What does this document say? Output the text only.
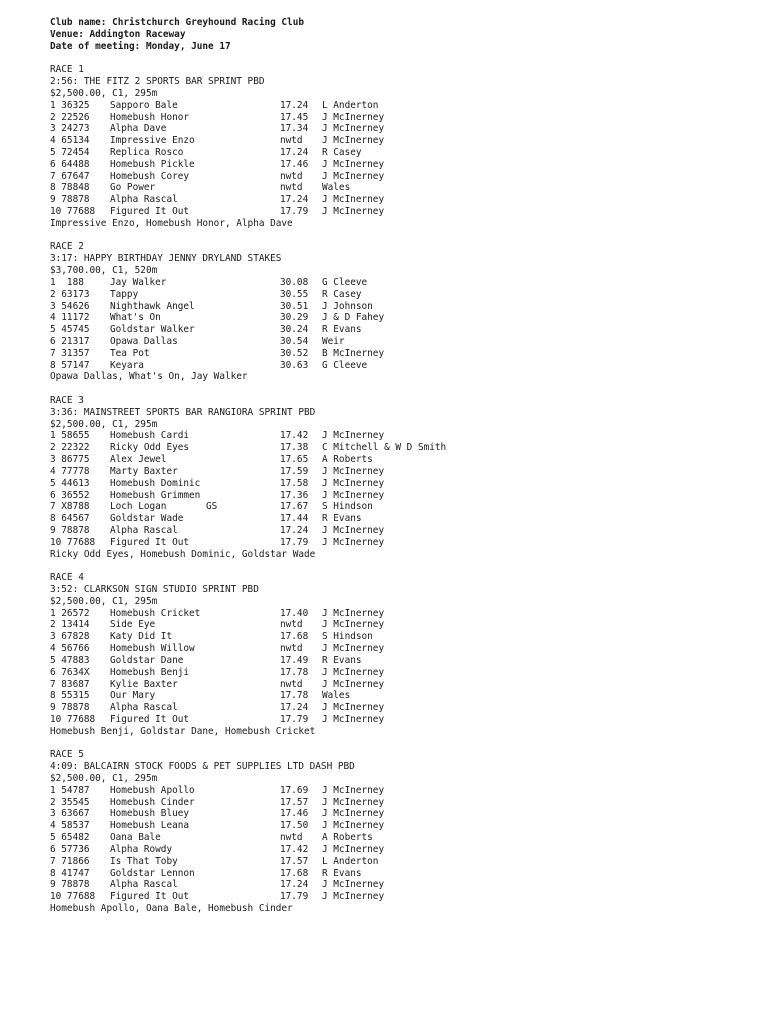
Club name: Christchurch Greyhound Racing Club
Venue: Addington Raceway
Date of meeting: Monday, June 17
RACE 1
2:56: THE FITZ 2 SPORTS BAR SPRINT PBD
$2,500.00, C1, 295m
1 36325	Sapporo Bale	17.24	L Anderton
2 22526	Homebush Honor	17.45	J McInerney
3 24273	Alpha Dave	17.34	J McInerney
4 65134	Impressive Enzo	nwtd	J McInerney
5 72454	Replica Rosco	17.24	R Casey
6 64488	Homebush Pickle	17.46	J McInerney
7 67647	Homebush Corey	nwtd	J McInerney
8 78848	Go Power	nwtd	Wales
9 78878	Alpha Rascal	17.24	J McInerney
10 77688	Figured It Out	17.79	J McInerney
Impressive Enzo, Homebush Honor, Alpha Dave
RACE 2
3:17: HAPPY BIRTHDAY JENNY DRYLAND STAKES
$3,700.00, C1, 520m
1  188	Jay Walker	30.08	G Cleeve
2 63173	Tappy	30.55	R Casey
3 54626	Nighthawk Angel	30.51	J Johnson
4 11172	What's On	30.29	J & D Fahey
5 45745	Goldstar Walker	30.24	R Evans
6 21317	Opawa Dallas	30.54	Weir
7 31357	Tea Pot	30.52	B McInerney
8 57147	Keyara	30.63	G Cleeve
Opawa Dallas, What's On, Jay Walker
RACE 3
3:36: MAINSTREET SPORTS BAR RANGIORA SPRINT PBD
$2,500.00, C1, 295m
1 58655	Homebush Cardi	17.42	J McInerney
2 22322	Ricky Odd Eyes	17.38	C Mitchell & W D Smith
3 86775	Alex Jewel	17.65	A Roberts
4 77778	Marty Baxter	17.59	J McInerney
5 44613	Homebush Dominic	17.58	J McInerney
6 36552	Homebush Grimmen	17.36	J McInerney
7 X8788	Loch Logan       GS	17.67	S Hindson
8 64567	Goldstar Wade	17.44	R Evans
9 78878	Alpha Rascal	17.24	J McInerney
10 77688	Figured It Out	17.79	J McInerney
Ricky Odd Eyes, Homebush Dominic, Goldstar Wade
RACE 4
3:52: CLARKSON SIGN STUDIO SPRINT PBD
$2,500.00, C1, 295m
1 26572	Homebush Cricket	17.40	J McInerney
2 13414	Side Eye	nwtd	J McInerney
3 67828	Katy Did It	17.68	S Hindson
4 56766	Homebush Willow	nwtd	J McInerney
5 47883	Goldstar Dane	17.49	R Evans
6 7634X	Homebush Benji	17.78	J McInerney
7 83687	Kylie Baxter	nwtd	J McInerney
8 55315	Our Mary	17.78	Wales
9 78878	Alpha Rascal	17.24	J McInerney
10 77688	Figured It Out	17.79	J McInerney
Homebush Benji, Goldstar Dane, Homebush Cricket
RACE 5
4:09: BALCAIRN STOCK FOODS & PET SUPPLIES LTD DASH PBD
$2,500.00, C1, 295m
1 54787	Homebush Apollo	17.69	J McInerney
2 35545	Homebush Cinder	17.57	J McInerney
3 63667	Homebush Bluey	17.46	J McInerney
4 58537	Homebush Leana	17.50	J McInerney
5 65482	Oana Bale	nwtd	A Roberts
6 57736	Alpha Rowdy	17.42	J McInerney
7 71866	Is That Toby	17.57	L Anderton
8 41747	Goldstar Lennon	17.68	R Evans
9 78878	Alpha Rascal	17.24	J McInerney
10 77688	Figured It Out	17.79	J McInerney
Homebush Apollo, Oana Bale, Homebush Cinder
